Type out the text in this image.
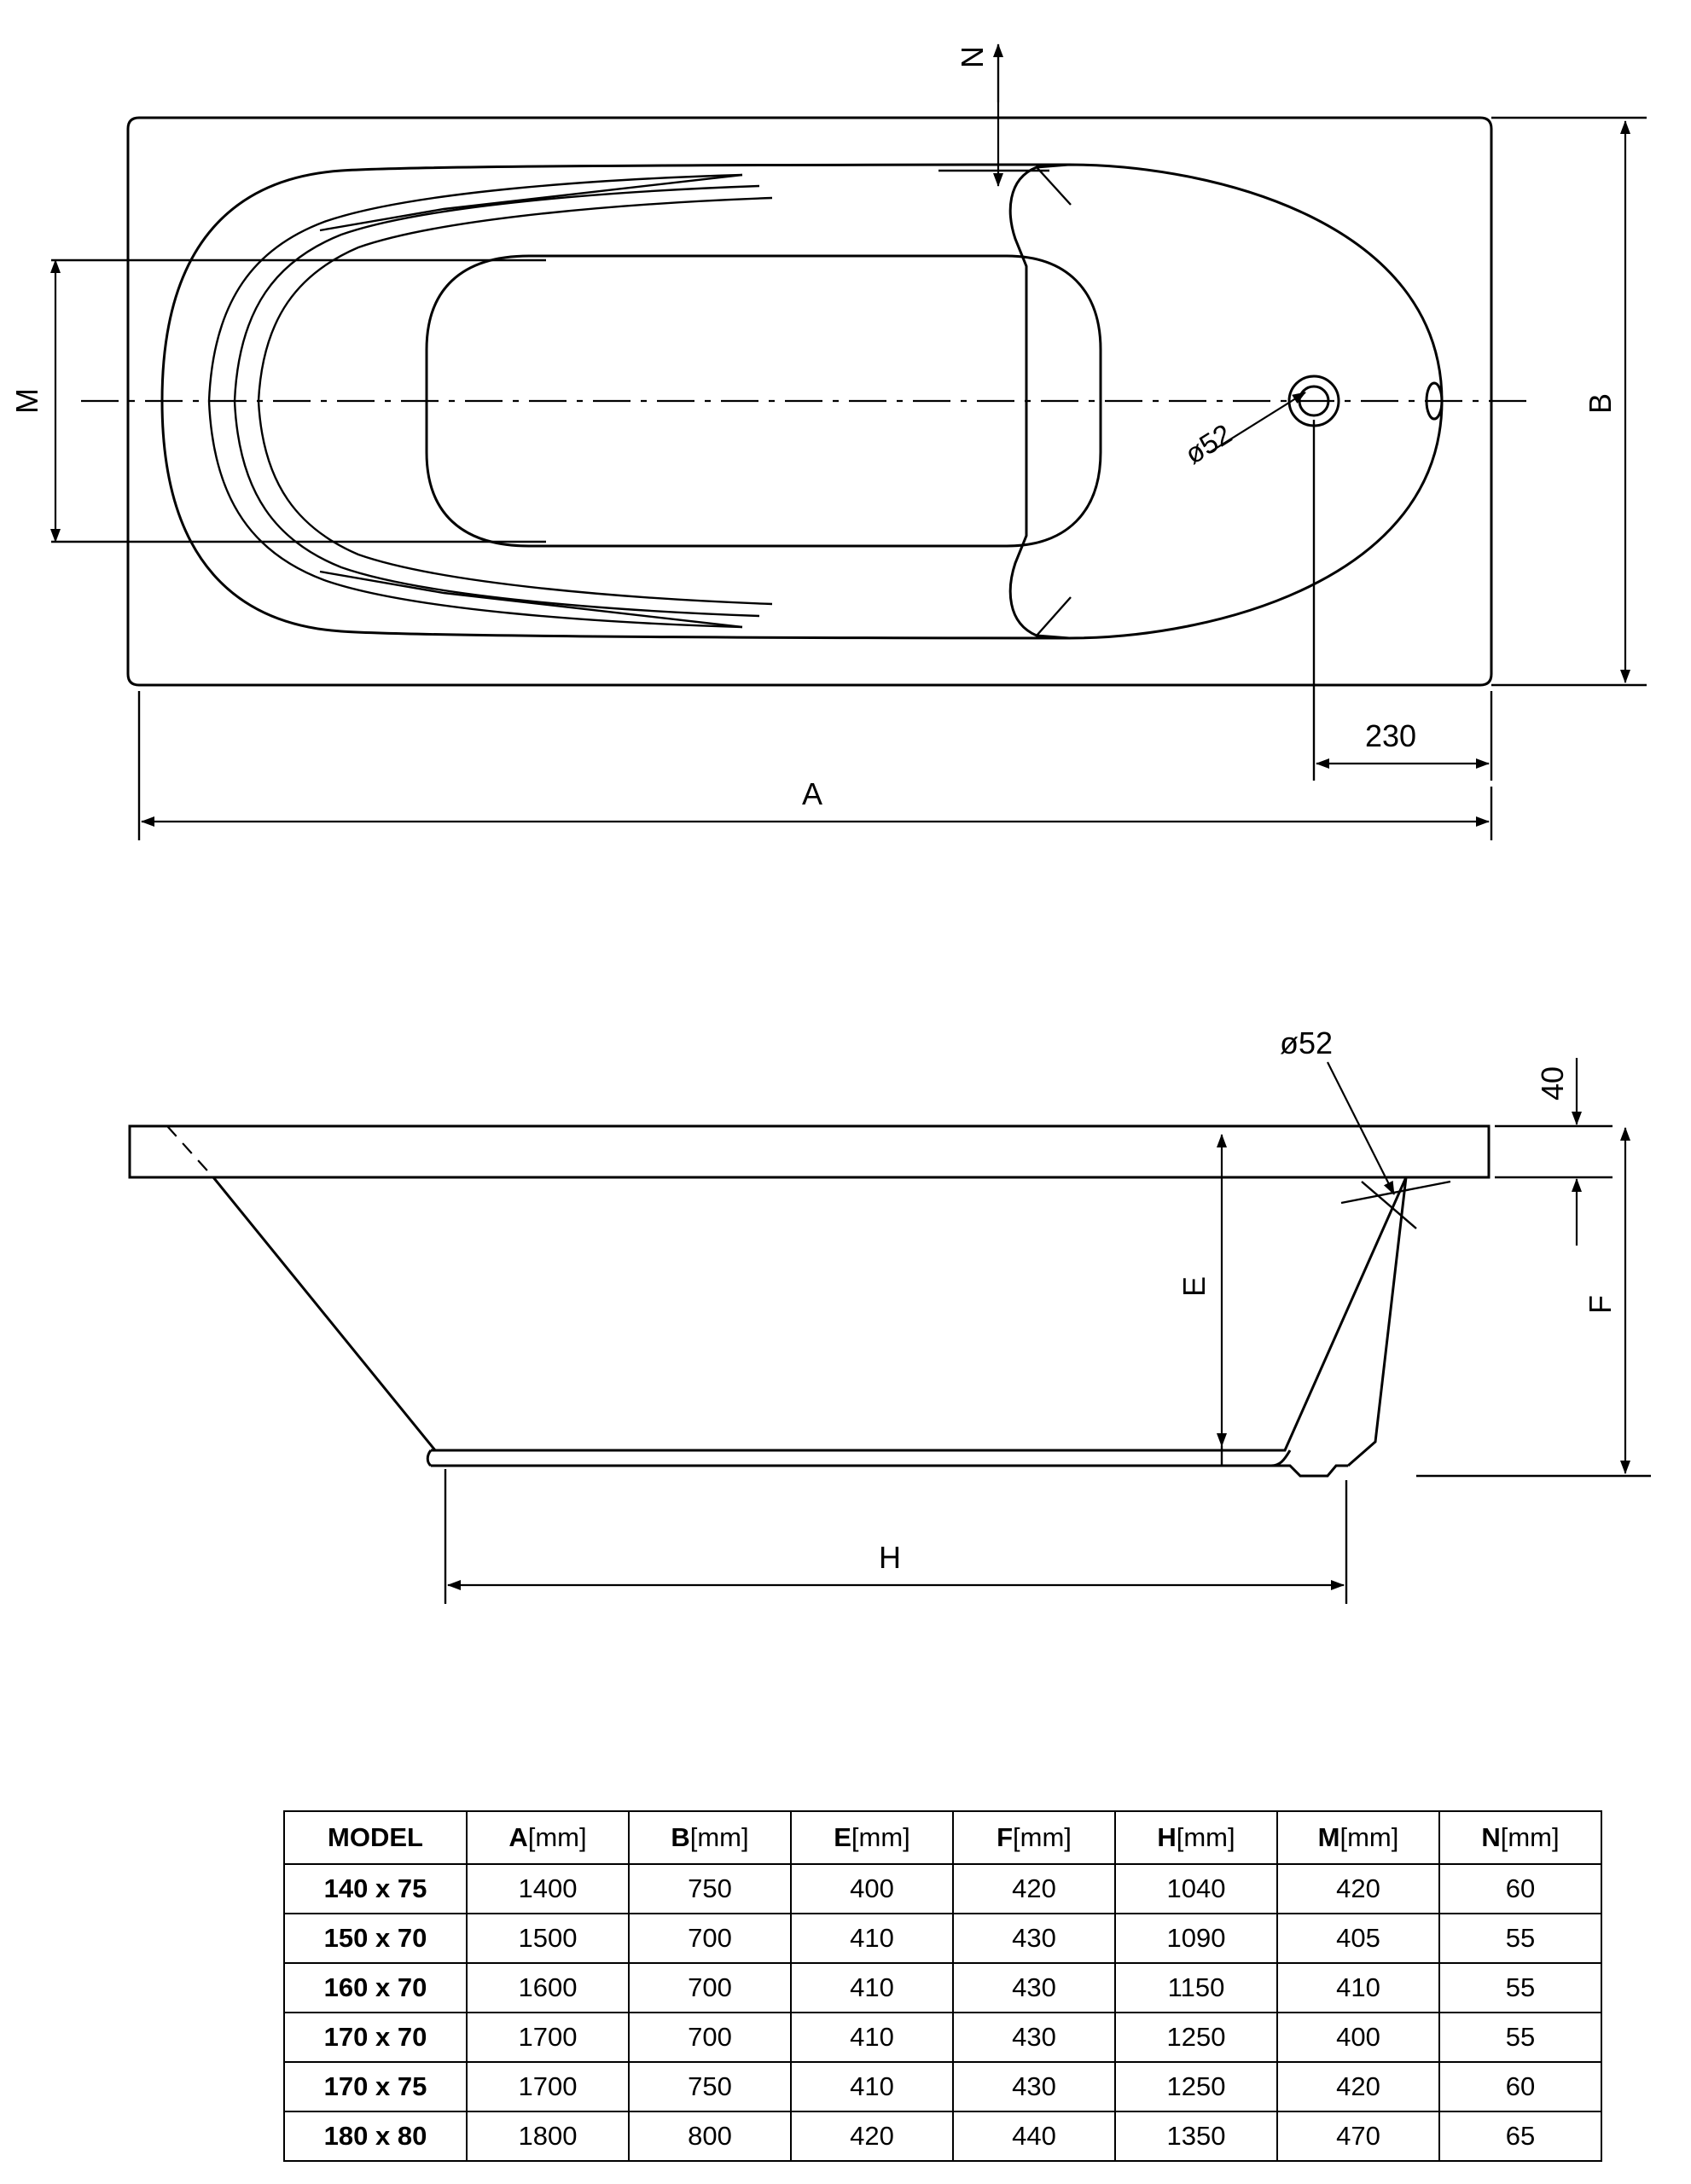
ø52
N
M	B
230
A
ø52
E
40
F
H
MODEL	A[mm]	B[mm]	E[mm]	F[mm]	H[mm]	M[mm]	N[mm]
140 x 75	1400	750	400	420	1040	420	60
150 x 70	1500	700	410	430	1090	405	55
160 x 70	1600	700	410	430	1150	410	55
170 x 70	1700	700	410	430	1250	400	55
170 x 75	1700	750	410	430	1250	420	60
180 x 80	1800	800	420	440	1350	470	65
